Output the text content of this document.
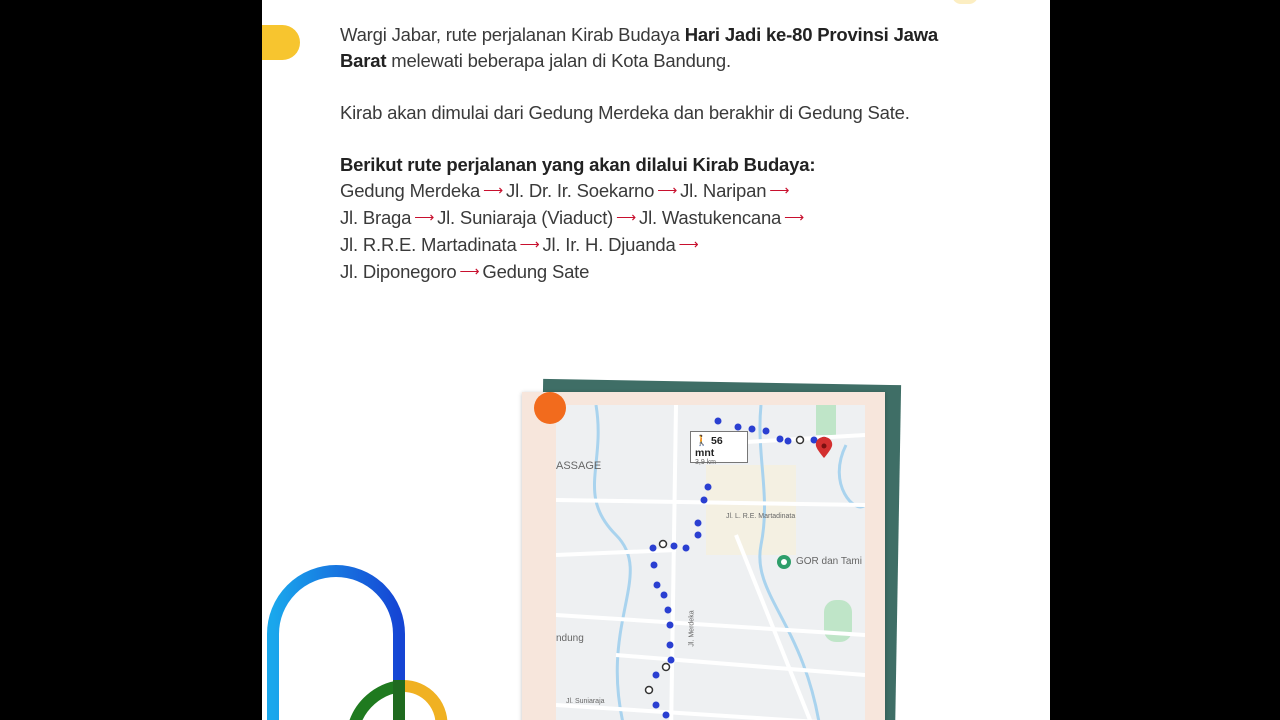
Wargi Jabar, rute perjalanan Kirab Budaya Hari Jadi ke-80 Provinsi Jawa Barat melewati beberapa jalan di Kota Bandung.

Kirab akan dimulai dari Gedung Merdeka dan berakhir di Gedung Sate.

Berikut rute perjalanan yang akan dilalui Kirab Budaya:
Gedung Merdeka ⟶ Jl. Dr. Ir. Soekarno ⟶ Jl. Naripan ⟶
Jl. Braga ⟶ Jl. Suniaraja (Viaduct) ⟶ Jl. Wastukencana ⟶
Jl. R.R.E. Martadinata ⟶ Jl. Ir. H. Djuanda ⟶
Jl. Diponegoro ⟶ Gedung Sate
ASSAGE
ndung
Jl. L. R.E. Martadinata
GOR dan Tami
Jl. Merdeka
Jl. Suniaraja
🚶 56 mnt
3,9 km
